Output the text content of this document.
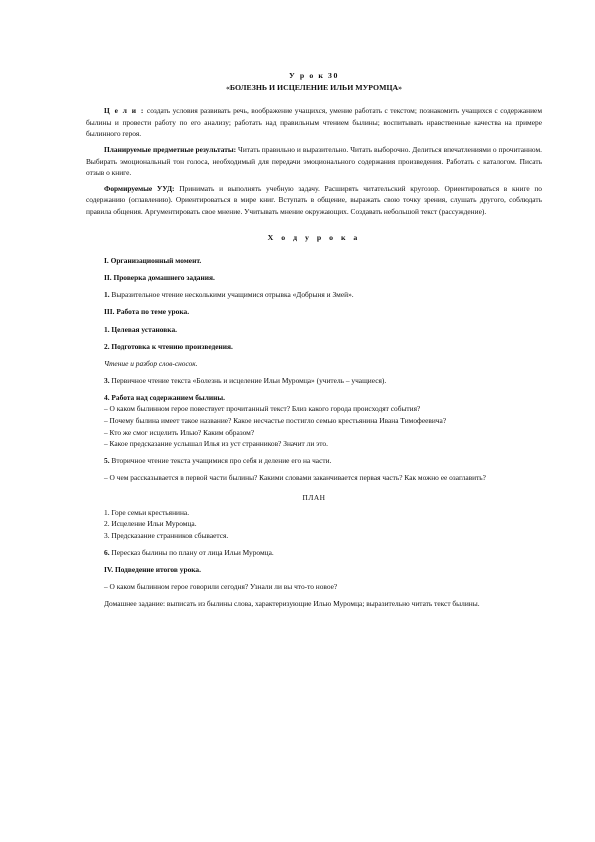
У р о к 30
«БОЛЕЗНЬ И ИСЦЕЛЕНИЕ ИЛЬИ МУРОМЦА»

Ц е л и : создать условия развивать речь, воображение учащихся, умение работать с текстом; познакомить учащихся с содержанием былины и провести работу по его анализу; работать над правильным чтением былины; воспитывать нравственные качества на примере былинного героя.

Планируемые предметные результаты: Читать правильно и выразительно. Читать выборочно. Делиться впечатлениями о прочитанном. Выбирать эмоциональный тон голоса, необходимый для передачи эмоционального содержания произведения. Работать с каталогом. Писать отзыв о книге.

Формируемые УУД: Принимать и выполнять учебную задачу. Расширять читательский кругозор. Ориентироваться в книге по содержанию (оглавлению). Ориентироваться в мире книг. Вступать в общение, выражать свою точку зрения, слушать другого, соблюдать правила общения. Аргументировать свое мнение. Учитывать мнение окружающих. Создавать небольшой текст (рассуждение).

Х о д у р о к а

I. Организационный момент.

II. Проверка домашнего задания.

1. Выразительное чтение несколькими учащимися отрывка «Добрыня и Змей».

III. Работа по теме урока.

1. Целевая установка.

2. Подготовка к чтению произведения.

Чтение и разбор слов-сносок.

3. Первичное чтение текста «Болезнь и исцеление Ильи Муромца» (учитель – учащиеся).

4. Работа над содержанием былины.

– О каком былинном герое повествует прочитанный текст? Близ какого города происходят события?

– Почему былина имеет такое название? Какое несчастье постигло семью крестьянина Ивана Тимофеевича?

– Кто же смог исцелить Илью? Каким образом?

– Какое предсказание услышал Илья из уст странников? Значит ли это.

5. Вторичное чтение текста учащимися про себя и деление его на части.

– О чем рассказывается в первой части былины? Какими словами заканчивается первая часть? Как можно ее озаглавить?

ПЛАН

1. Горе семьи крестьянина.

2. Исцеление Ильи Муромца.

3. Предсказание странников сбывается.

6. Пересказ былины по плану от лица Ильи Муромца.

IV. Подведение итогов урока.

– О каком былинном герое говорили сегодня? Узнали ли вы что-то новое?

Домашнее задание: выписать из былины слова, характеризующие Илью Муромца; выразительно читать текст былины.
